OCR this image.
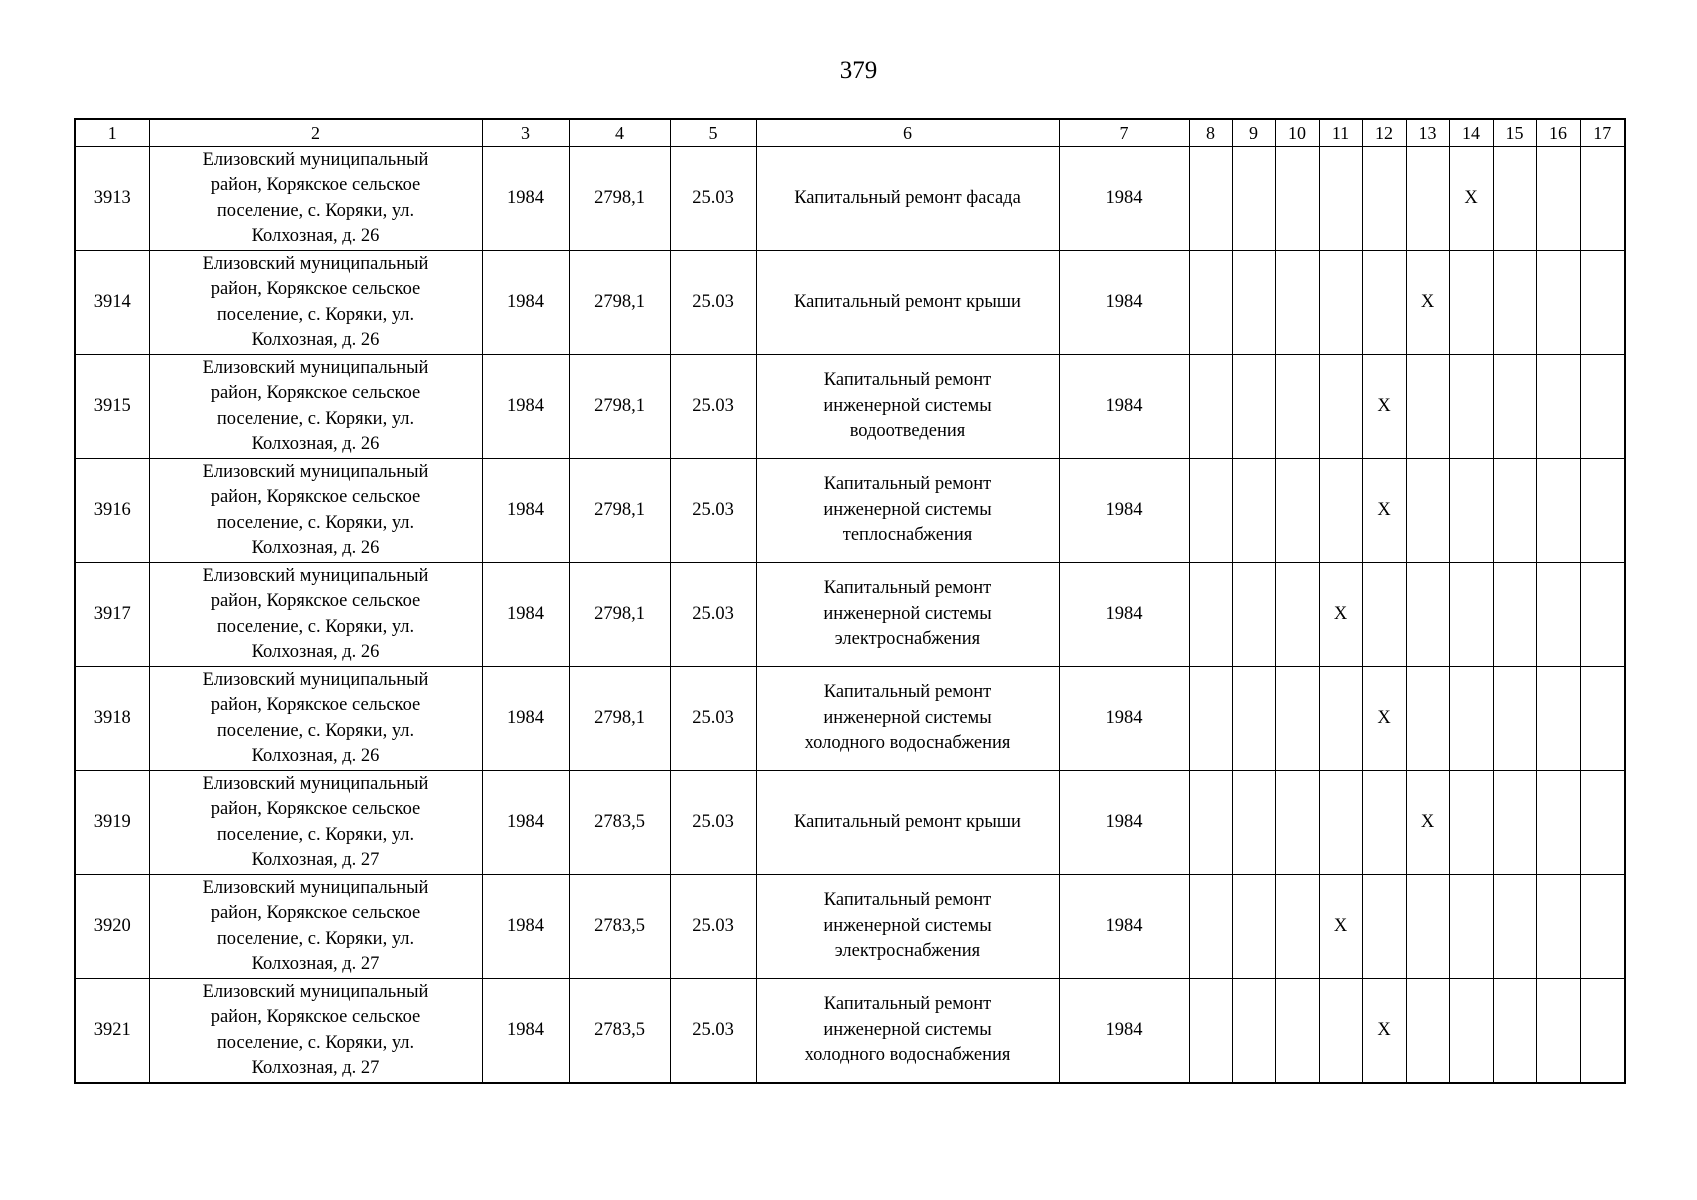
379
1	2	3	4	5	6	7	8	9	10	11	12	13	14	15	16	17
3913	Елизовский муниципальный
район, Корякское сельское
поселение, с. Коряки, ул.
Колхозная, д. 26	1984	2798,1	25.03	Капитальный ремонт фасада	1984							X			
3914	Елизовский муниципальный
район, Корякское сельское
поселение, с. Коряки, ул.
Колхозная, д. 26	1984	2798,1	25.03	Капитальный ремонт крыши	1984						X				
3915	Елизовский муниципальный
район, Корякское сельское
поселение, с. Коряки, ул.
Колхозная, д. 26	1984	2798,1	25.03	Капитальный ремонт
инженерной системы
водоотведения	1984					X					
3916	Елизовский муниципальный
район, Корякское сельское
поселение, с. Коряки, ул.
Колхозная, д. 26	1984	2798,1	25.03	Капитальный ремонт
инженерной системы
теплоснабжения	1984					X					
3917	Елизовский муниципальный
район, Корякское сельское
поселение, с. Коряки, ул.
Колхозная, д. 26	1984	2798,1	25.03	Капитальный ремонт
инженерной системы
электроснабжения	1984				X						
3918	Елизовский муниципальный
район, Корякское сельское
поселение, с. Коряки, ул.
Колхозная, д. 26	1984	2798,1	25.03	Капитальный ремонт
инженерной системы
холодного водоснабжения	1984					X					
3919	Елизовский муниципальный
район, Корякское сельское
поселение, с. Коряки, ул.
Колхозная, д. 27	1984	2783,5	25.03	Капитальный ремонт крыши	1984						X				
3920	Елизовский муниципальный
район, Корякское сельское
поселение, с. Коряки, ул.
Колхозная, д. 27	1984	2783,5	25.03	Капитальный ремонт
инженерной системы
электроснабжения	1984				X						
3921	Елизовский муниципальный
район, Корякское сельское
поселение, с. Коряки, ул.
Колхозная, д. 27	1984	2783,5	25.03	Капитальный ремонт
инженерной системы
холодного водоснабжения	1984					X					
